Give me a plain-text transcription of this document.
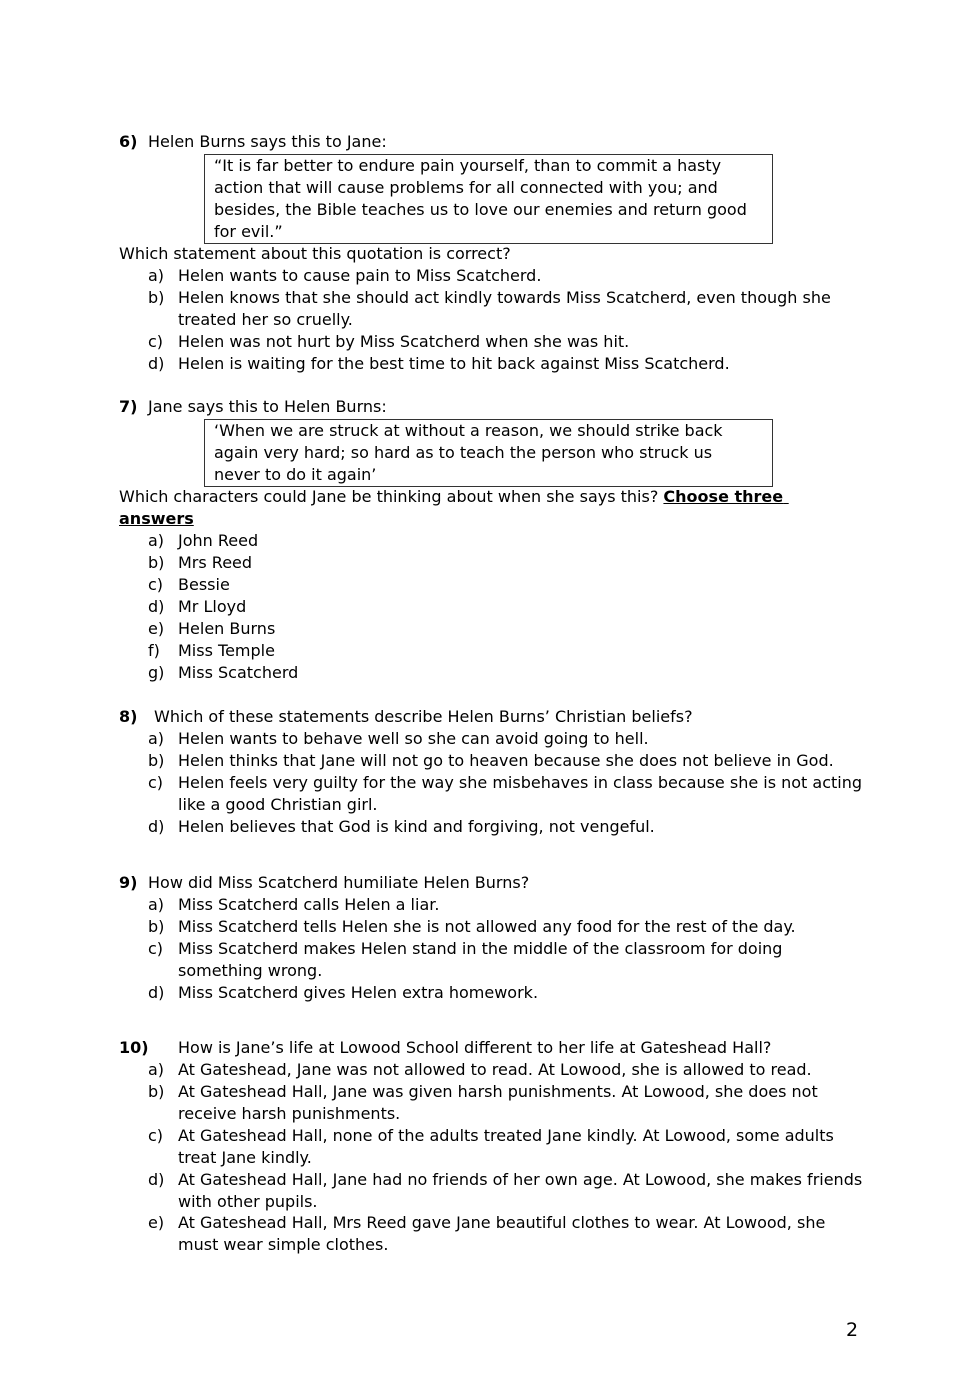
6) Helen Burns says this to Jane:
“It is far better to endure pain yourself, than to commit a hasty action that will cause problems for all connected with you; and besides, the Bible teaches us to love our enemies and return good for evil.”
Which statement about this quotation is correct?
a) Helen wants to cause pain to Miss Scatcherd.
b) Helen knows that she should act kindly towards Miss Scatcherd, even though she treated her so cruelly.
c) Helen was not hurt by Miss Scatcherd when she was hit.
d) Helen is waiting for the best time to hit back against Miss Scatcherd.
7) Jane says this to Helen Burns:
‘When we are struck at without a reason, we should strike back again very hard; so hard as to teach the person who struck us never to do it again’
Which characters could Jane be thinking about when she says this? Choose three
answers
a) John Reed
b) Mrs Reed
c) Bessie
d) Mr Lloyd
e) Helen Burns
f) Miss Temple
g) Miss Scatcherd
8) Which of these statements describe Helen Burns’ Christian beliefs?
a) Helen wants to behave well so she can avoid going to hell.
b) Helen thinks that Jane will not go to heaven because she does not believe in God.
c) Helen feels very guilty for the way she misbehaves in class because she is not acting like a good Christian girl.
d) Helen believes that God is kind and forgiving, not vengeful.
9) How did Miss Scatcherd humiliate Helen Burns?
a) Miss Scatcherd calls Helen a liar.
b) Miss Scatcherd tells Helen she is not allowed any food for the rest of the day.
c) Miss Scatcherd makes Helen stand in the middle of the classroom for doing something wrong.
d) Miss Scatcherd gives Helen extra homework.
10) How is Jane’s life at Lowood School different to her life at Gateshead Hall?
a) At Gateshead, Jane was not allowed to read. At Lowood, she is allowed to read.
b) At Gateshead Hall, Jane was given harsh punishments. At Lowood, she does not receive harsh punishments.
c) At Gateshead Hall, none of the adults treated Jane kindly. At Lowood, some adults treat Jane kindly.
d) At Gateshead Hall, Jane had no friends of her own age. At Lowood, she makes friends with other pupils.
e) At Gateshead Hall, Mrs Reed gave Jane beautiful clothes to wear. At Lowood, she must wear simple clothes.
2
